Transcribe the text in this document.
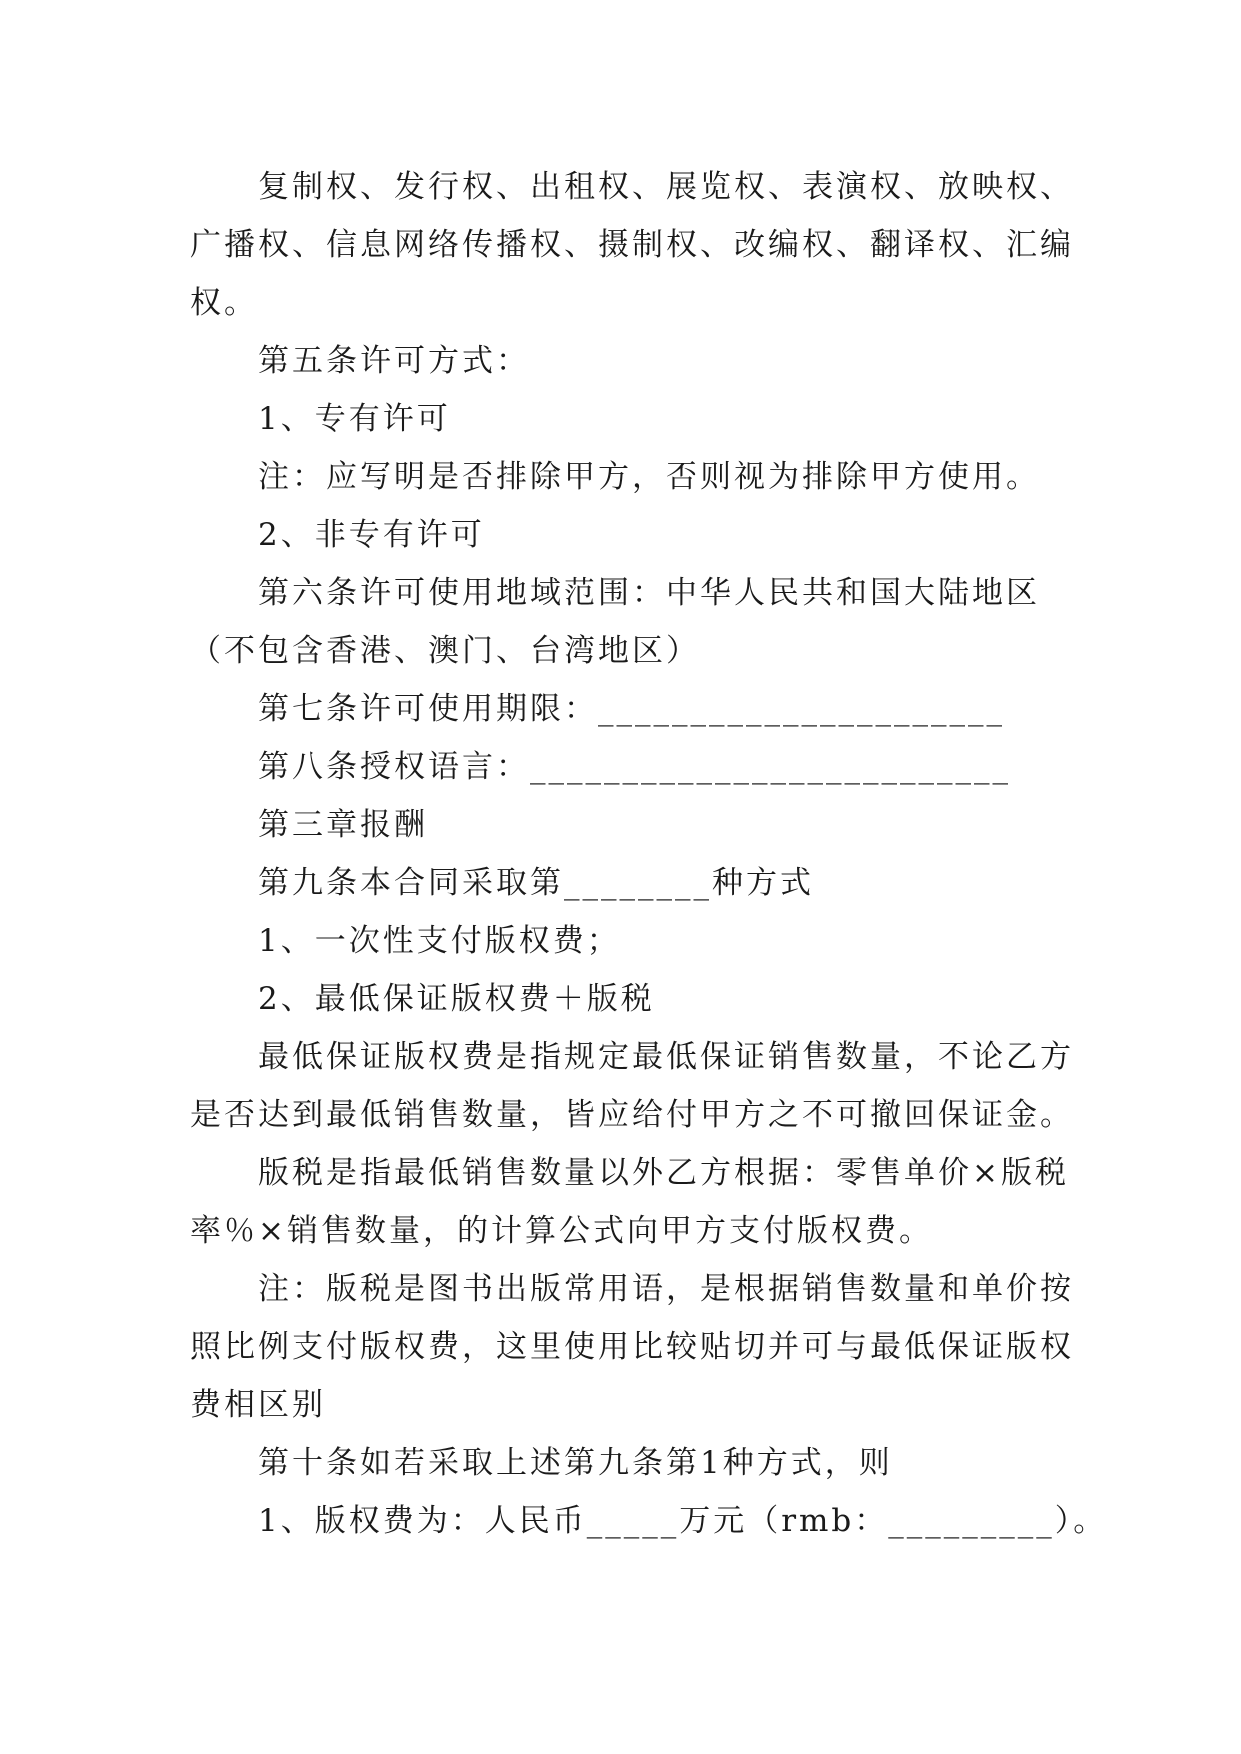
复制权、发行权、出租权、展览权、表演权、放映权、
广播权、信息网络传播权、摄制权、改编权、翻译权、汇编
权。
第五条许可方式：
1、专有许可
注：应写明是否排除甲方，否则视为排除甲方使用。
2、非专有许可
第六条许可使用地域范围：中华人民共和国大陆地区
（不包含香港、澳门、台湾地区）
第七条许可使用期限：______________________
第八条授权语言：__________________________
第三章报酬
第九条本合同采取第________种方式
1、一次性支付版权费；
2、最低保证版权费＋版税
最低保证版权费是指规定最低保证销售数量，不论乙方
是否达到最低销售数量，皆应给付甲方之不可撤回保证金。
版税是指最低销售数量以外乙方根据：零售单价×版税
率％×销售数量，的计算公式向甲方支付版权费。
注：版税是图书出版常用语，是根据销售数量和单价按
照比例支付版权费，这里使用比较贴切并可与最低保证版权
费相区别
第十条如若采取上述第九条第1种方式，则
1、版权费为：人民币_____万元（rmb：_________）。
